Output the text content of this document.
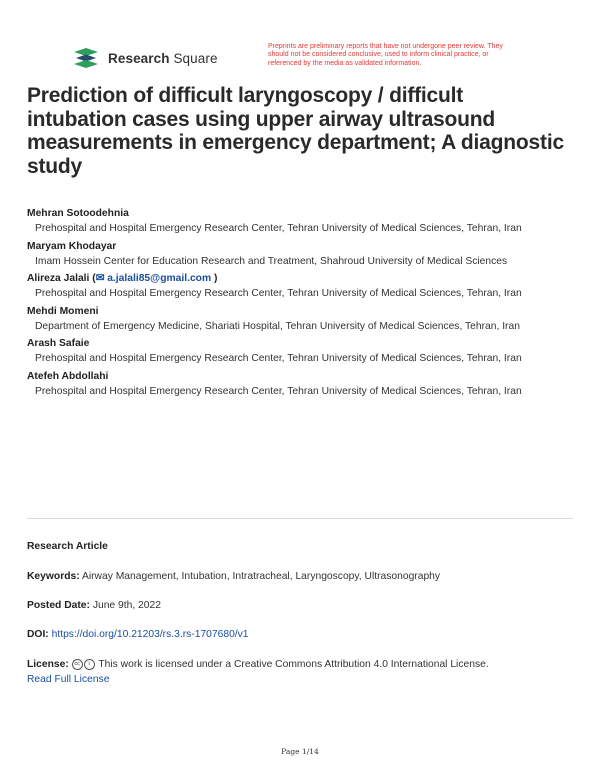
Research Square
Preprints are preliminary reports that have not undergone peer review. They should not be considered conclusive, used to inform clinical practice, or referenced by the media as validated information.
Prediction of difficult laryngoscopy / difficult intubation cases using upper airway ultrasound measurements in emergency department; A diagnostic study
Mehran Sotoodehnia
Prehospital and Hospital Emergency Research Center, Tehran University of Medical Sciences, Tehran, Iran
Maryam Khodayar
Imam Hossein Center for Education Research and Treatment, Shahroud University of Medical Sciences
Alireza Jalali (✉ a.jalali85@gmail.com )
Prehospital and Hospital Emergency Research Center, Tehran University of Medical Sciences, Tehran, Iran
Mehdi Momeni
Department of Emergency Medicine, Shariati Hospital, Tehran University of Medical Sciences, Tehran, Iran
Arash Safaie
Prehospital and Hospital Emergency Research Center, Tehran University of Medical Sciences, Tehran, Iran
Atefeh Abdollahi
Prehospital and Hospital Emergency Research Center, Tehran University of Medical Sciences, Tehran, Iran
Research Article
Keywords: Airway Management, Intubation, Intratracheal, Laryngoscopy, Ultrasonography
Posted Date: June 9th, 2022
DOI: https://doi.org/10.21203/rs.3.rs-1707680/v1
License: cc i This work is licensed under a Creative Commons Attribution 4.0 International License.
Read Full License
Page 1/14
